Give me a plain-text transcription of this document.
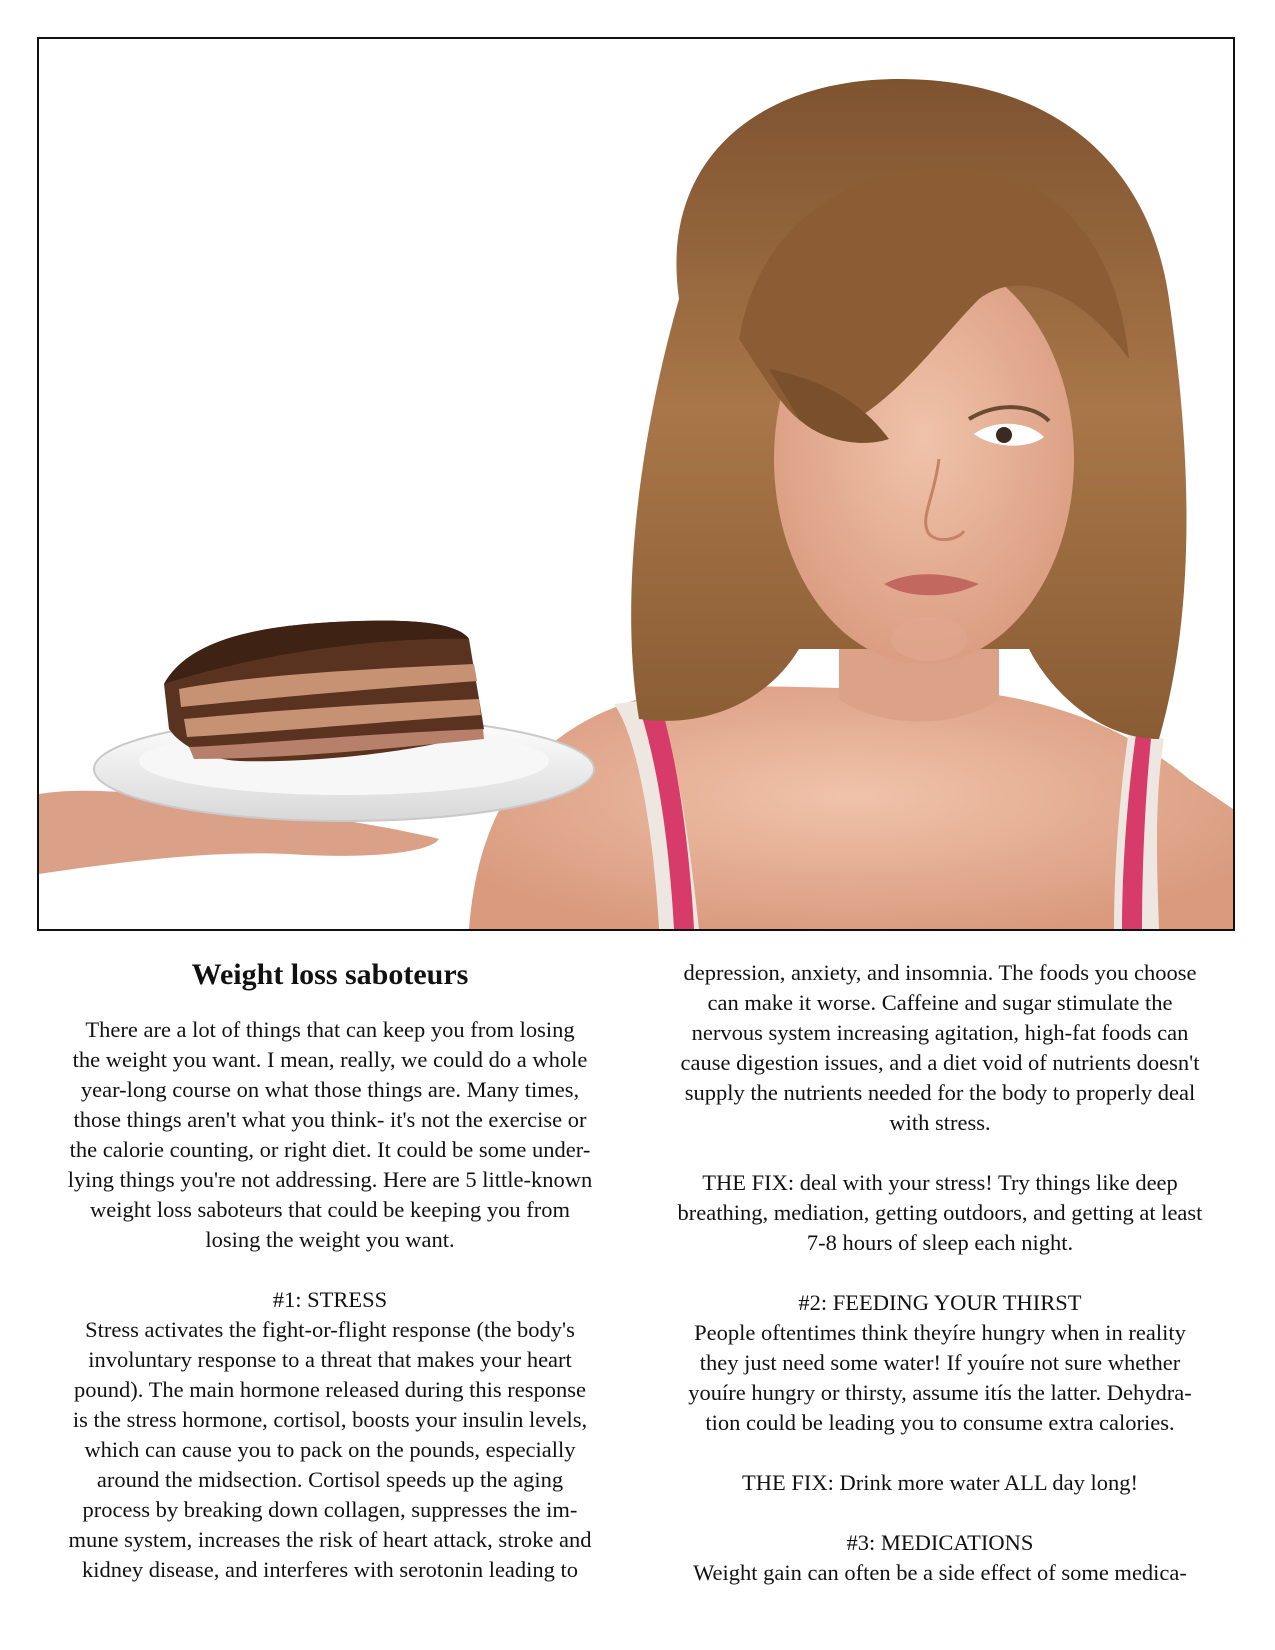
Weight loss saboteurs
There are a lot of things that can keep you from losing
the weight you want. I mean, really, we could do a whole
year-long course on what those things are. Many times,
those things aren't what you think- it's not the exercise or
the calorie counting, or right diet. It could be some under-
lying things you're not addressing. Here are 5 little-known
weight loss saboteurs that could be keeping you from
losing the weight you want.
#1: STRESS
Stress activates the fight-or-flight response (the body's
involuntary response to a threat that makes your heart
pound). The main hormone released during this response
is the stress hormone, cortisol, boosts your insulin levels,
which can cause you to pack on the pounds, especially
around the midsection. Cortisol speeds up the aging
process by breaking down collagen, suppresses the im-
mune system, increases the risk of heart attack, stroke and
kidney disease, and interferes with serotonin leading to
depression, anxiety, and insomnia. The foods you choose
can make it worse. Caffeine and sugar stimulate the
nervous system increasing agitation, high-fat foods can
cause digestion issues, and a diet void of nutrients doesn't
supply the nutrients needed for the body to properly deal
with stress.
THE FIX: deal with your stress! Try things like deep
breathing, mediation, getting outdoors, and getting at least
7-8 hours of sleep each night.
#2: FEEDING YOUR THIRST
People oftentimes think theyíre hungry when in reality
they just need some water! If youíre not sure whether
youíre hungry or thirsty, assume itís the latter. Dehydra-
tion could be leading you to consume extra calories.
THE FIX: Drink more water ALL day long!
#3: MEDICATIONS
Weight gain can often be a side effect of some medica-
